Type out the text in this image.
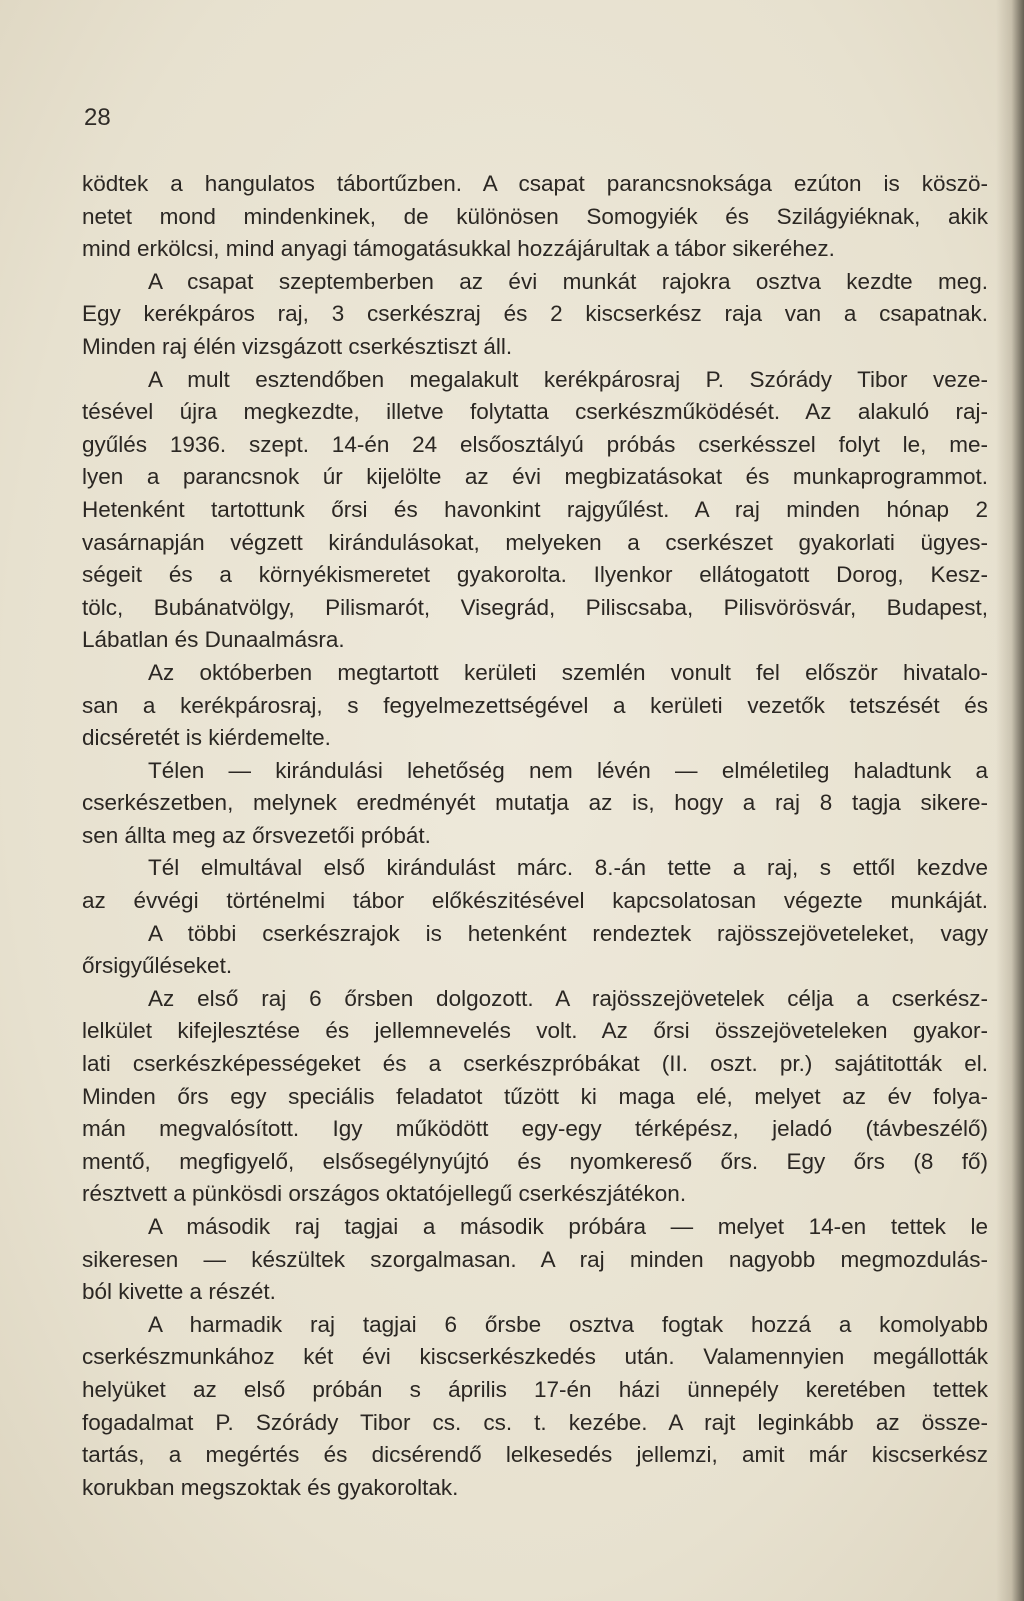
28
ködtek a hangulatos tábortűzben. A csapat parancsnoksága ezúton is köszö-
netet mond mindenkinek, de különösen Somogyiék és Szilágyiéknak, akik
mind erkölcsi, mind anyagi támogatásukkal hozzájárultak a tábor sikeréhez.
A csapat szeptemberben az évi munkát rajokra osztva kezdte meg.
Egy kerékpáros raj, 3 cserkészraj és 2 kiscserkész raja van a csapatnak.
Minden raj élén vizsgázott cserkésztiszt áll.
A mult esztendőben megalakult kerékpárosraj P. Szórády Tibor veze-
tésével újra megkezdte, illetve folytatta cserkészműködését. Az alakuló raj-
gyűlés 1936. szept. 14-én 24 elsőosztályú próbás cserkésszel folyt le, me-
lyen a parancsnok úr kijelölte az évi megbizatásokat és munkaprogrammot.
Hetenként tartottunk őrsi és havonkint rajgyűlést. A raj minden hónap 2
vasárnapján végzett kirándulásokat, melyeken a cserkészet gyakorlati ügyes-
ségeit és a környékismeretet gyakorolta. Ilyenkor ellátogatott Dorog, Kesz-
tölc, Bubánatvölgy, Pilismarót, Visegrád, Piliscsaba, Pilisvörösvár, Budapest,
Lábatlan és Dunaalmásra.
Az októberben megtartott kerületi szemlén vonult fel először hivatalo-
san a kerékpárosraj, s fegyelmezettségével a kerületi vezetők tetszését és
dicséretét is kiérdemelte.
Télen — kirándulási lehetőség nem lévén — elméletileg haladtunk a
cserkészetben, melynek eredményét mutatja az is, hogy a raj 8 tagja sikere-
sen állta meg az őrsvezetői próbát.
Tél elmultával első kirándulást márc. 8.-án tette a raj, s ettől kezdve
az évvégi történelmi tábor előkészitésével kapcsolatosan végezte munkáját.
A többi cserkészrajok is hetenként rendeztek rajösszejöveteleket, vagy
őrsigyűléseket.
Az első raj 6 őrsben dolgozott. A rajösszejövetelek célja a cserkész-
lelkület kifejlesztése és jellemnevelés volt. Az őrsi összejöveteleken gyakor-
lati cserkészképességeket és a cserkészpróbákat (II. oszt. pr.) sajátitották el.
Minden őrs egy speciális feladatot tűzött ki maga elé, melyet az év folya-
mán megvalósított. Igy működött egy-egy térképész, jeladó (távbeszélő)
mentő, megfigyelő, elsősegélynyújtó és nyomkereső őrs. Egy őrs (8 fő)
résztvett a pünkösdi országos oktatójellegű cserkészjátékon.
A második raj tagjai a második próbára — melyet 14-en tettek le
sikeresen — készültek szorgalmasan. A raj minden nagyobb megmozdulás-
ból kivette a részét.
A harmadik raj tagjai 6 őrsbe osztva fogtak hozzá a komolyabb
cserkészmunkához két évi kiscserkészkedés után. Valamennyien megállották
helyüket az első próbán s április 17-én házi ünnepély keretében tettek
fogadalmat P. Szórády Tibor cs. cs. t. kezébe. A rajt leginkább az össze-
tartás, a megértés és dicsérendő lelkesedés jellemzi, amit már kiscserkész
korukban megszoktak és gyakoroltak.
